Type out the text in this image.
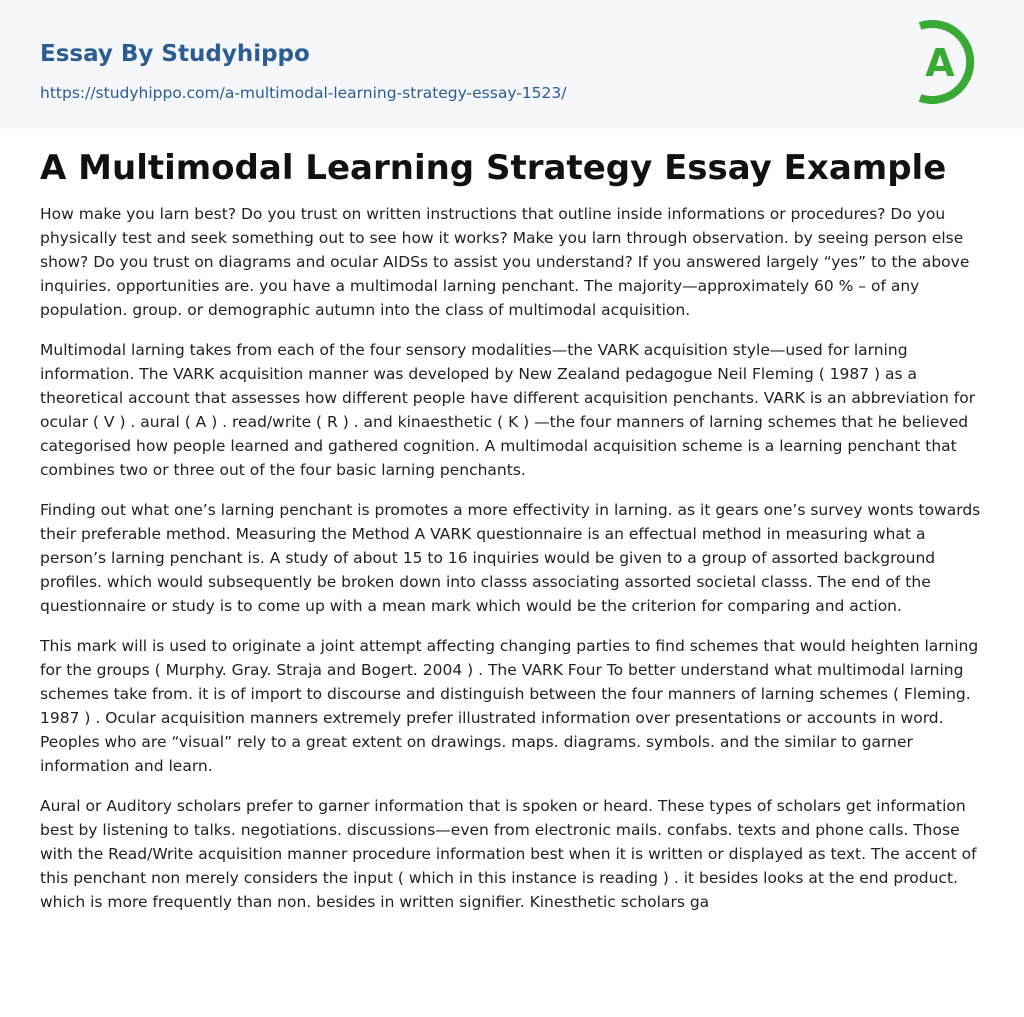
Essay By Studyhippo
https://studyhippo.com/a-multimodal-learning-strategy-essay-1523/
A
A Multimodal Learning Strategy Essay Example

How make you larn best? Do you trust on written instructions that outline inside informations or procedures? Do you physically test and seek something out to see how it works? Make you larn through observation. by seeing person else show? Do you trust on diagrams and ocular AIDSs to assist you understand? If you answered largely “yes” to the above inquiries. opportunities are. you have a multimodal larning penchant. The majority—approximately 60 % – of any population. group. or demographic autumn into the class of multimodal acquisition.

Multimodal larning takes from each of the four sensory modalities—the VARK acquisition style—used for larning information. The VARK acquisition manner was developed by New Zealand pedagogue Neil Fleming ( 1987 ) as a theoretical account that assesses how different people have different acquisition penchants. VARK is an abbreviation for ocular ( V ) . aural ( A ) . read/write ( R ) . and kinaesthetic ( K ) —the four manners of larning schemes that he believed categorised how people learned and gathered cognition. A multimodal acquisition scheme is a learning penchant that combines two or three out of the four basic larning penchants.

Finding out what one’s larning penchant is promotes a more effectivity in larning. as it gears one’s survey wonts towards their preferable method. Measuring the Method A VARK questionnaire is an effectual method in measuring what a person’s larning penchant is. A study of about 15 to 16 inquiries would be given to a group of assorted background profiles. which would subsequently be broken down into classs associating assorted societal classs. The end of the questionnaire or study is to come up with a mean mark which would be the criterion for comparing and action.

This mark will is used to originate a joint attempt affecting changing parties to find schemes that would heighten larning for the groups ( Murphy. Gray. Straja and Bogert. 2004 ) . The VARK Four To better understand what multimodal larning schemes take from. it is of import to discourse and distinguish between the four manners of larning schemes ( Fleming. 1987 ) . Ocular acquisition manners extremely prefer illustrated information over presentations or accounts in word. Peoples who are “visual” rely to a great extent on drawings. maps. diagrams. symbols. and the similar to garner information and learn.

Aural or Auditory scholars prefer to garner information that is spoken or heard. These types of scholars get information best by listening to talks. negotiations. discussions—even from electronic mails. confabs. texts and phone calls. Those with the Read/Write acquisition manner procedure information best when it is written or displayed as text. The accent of this penchant non merely considers the input ( which in this instance is reading ) . it besides looks at the end product. which is more frequently than non. besides in written signifier. Kinesthetic scholars ga
